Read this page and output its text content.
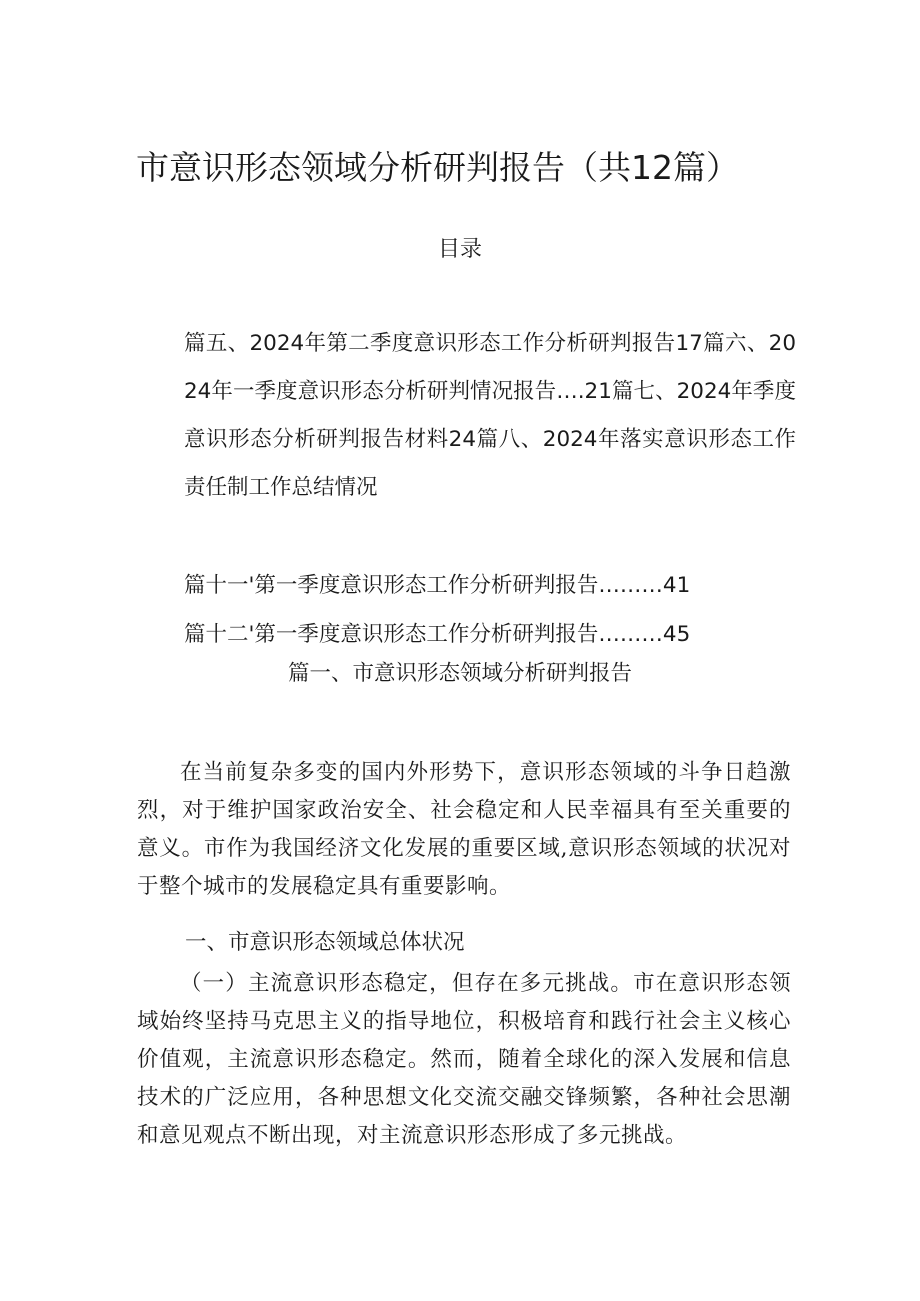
市意识形态领域分析研判报告（共12篇）
目录
篇五、2024年第二季度意识形态工作分析研判报告17篇六、2024年一季度意识形态分析研判情况报告….21篇七、2024年季度意识形态分析研判报告材料24篇八、2024年落实意识形态工作责任制工作总结情况
篇十一'第一季度意识形态工作分析研判报告………41
篇十二'第一季度意识形态工作分析研判报告………45
篇一、市意识形态领域分析研判报告
在当前复杂多变的国内外形势下，意识形态领域的斗争日趋激烈，对于维护国家政治安全、社会稳定和人民幸福具有至关重要的意义。市作为我国经济文化发展的重要区域,意识形态领域的状况对于整个城市的发展稳定具有重要影响。
一、市意识形态领域总体状况
（一）主流意识形态稳定，但存在多元挑战。市在意识形态领域始终坚持马克思主义的指导地位，积极培育和践行社会主义核心价值观，主流意识形态稳定。然而，随着全球化的深入发展和信息技术的广泛应用，各种思想文化交流交融交锋频繁，各种社会思潮和意见观点不断出现，对主流意识形态形成了多元挑战。
